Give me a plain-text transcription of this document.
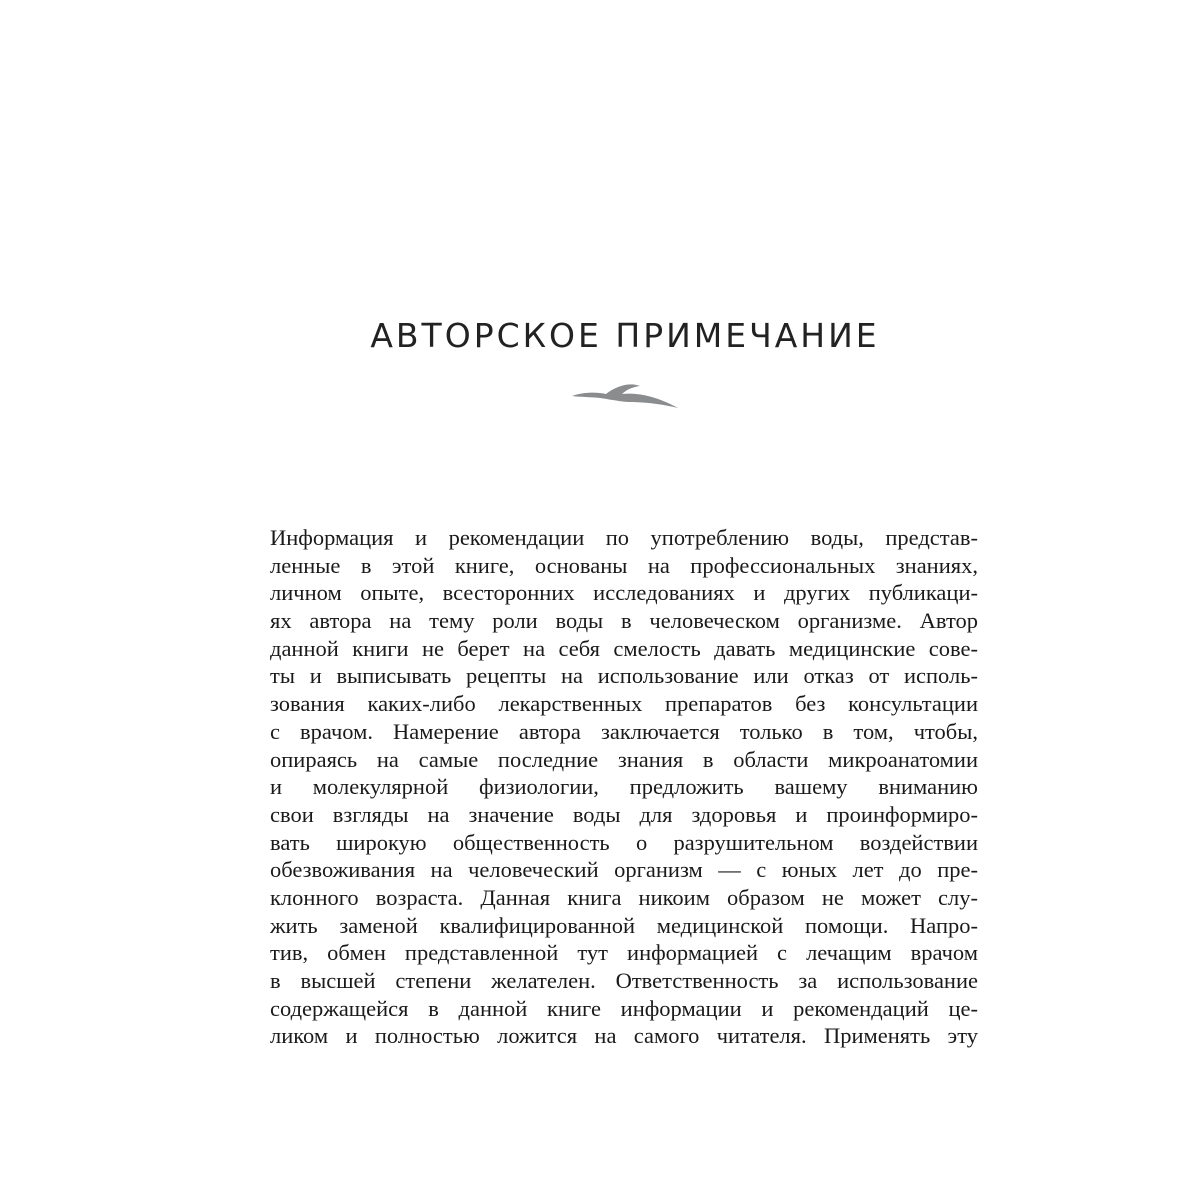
АВТОРСКОЕ ПРИМЕЧАНИЕ
Информация и рекомендации по употреблению воды, представ-
ленные в этой книге, основаны на профессиональных знаниях,
личном опыте, всесторонних исследованиях и других публикаци-
ях автора на тему роли воды в человеческом организме. Автор
данной книги не берет на себя смелость давать медицинские сове-
ты и выписывать рецепты на использование или отказ от исполь-
зования каких-либо лекарственных препаратов без консультации
с врачом. Намерение автора заключается только в том, чтобы,
опираясь на самые последние знания в области микроанатомии
и молекулярной физиологии, предложить вашему вниманию
свои взгляды на значение воды для здоровья и проинформиро-
вать широкую общественность о разрушительном воздействии
обезвоживания на человеческий организм — с юных лет до пре-
клонного возраста. Данная книга никоим образом не может слу-
жить заменой квалифицированной медицинской помощи. Напро-
тив, обмен представленной тут информацией с лечащим врачом
в высшей степени желателен. Ответственность за использование
содержащейся в данной книге информации и рекомендаций це-
ликом и полностью ложится на самого читателя. Применять эту
